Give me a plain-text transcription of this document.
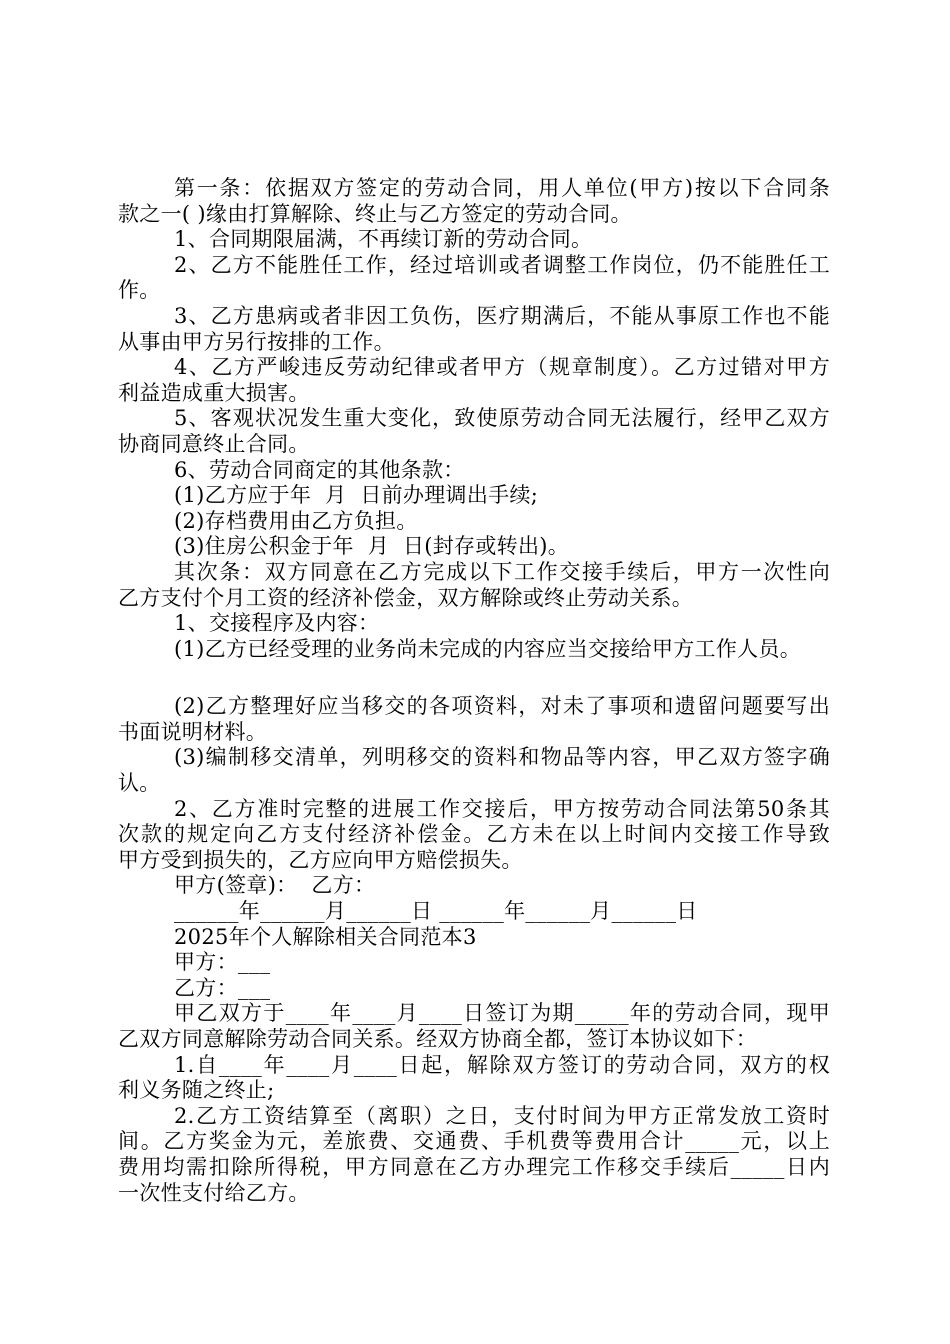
第一条：依据双方签定的劳动合同，用人单位(甲方)按以下合同条
款之一( )缘由打算解除、终止与乙方签定的劳动合同。
1、合同期限届满，不再续订新的劳动合同。
2、乙方不能胜任工作，经过培训或者调整工作岗位，仍不能胜任工
作。
3、乙方患病或者非因工负伤，医疗期满后，不能从事原工作也不能
从事由甲方另行按排的工作。
4、乙方严峻违反劳动纪律或者甲方（规章制度）。乙方过错对甲方
利益造成重大损害。
5、客观状况发生重大变化，致使原劳动合同无法履行，经甲乙双方
协商同意终止合同。
6、劳动合同商定的其他条款：
(1)乙方应于年  月  日前办理调出手续;
(2)存档费用由乙方负担。
(3)住房公积金于年  月  日(封存或转出)。
其次条：双方同意在乙方完成以下工作交接手续后，甲方一次性向
乙方支付个月工资的经济补偿金，双方解除或终止劳动关系。
1、交接程序及内容：
(1)乙方已经受理的业务尚未完成的内容应当交接给甲方工作人员。
(2)乙方整理好应当移交的各项资料，对未了事项和遗留问题要写出
书面说明材料。
(3)编制移交清单，列明移交的资料和物品等内容，甲乙双方签字确
认。
2、乙方准时完整的进展工作交接后，甲方按劳动合同法第50条其
次款的规定向乙方支付经济补偿金。乙方未在以上时间内交接工作导致
甲方受到损失的，乙方应向甲方赔偿损失。
甲方(签章)：  乙方：
______年______月______日 ______年______月______日
2025年个人解除相关合同范本3
甲方：___
乙方：___
甲乙双方于____年____月____日签订为期_____年的劳动合同，现甲
乙双方同意解除劳动合同关系。经双方协商全都，签订本协议如下：
1.自____年____月____日起，解除双方签订的劳动合同，双方的权
利义务随之终止;
2.乙方工资结算至（离职）之日，支付时间为甲方正常发放工资时
间。乙方奖金为元，差旅费、交通费、手机费等费用合计_____元，以上
费用均需扣除所得税，甲方同意在乙方办理完工作移交手续后_____日内
一次性支付给乙方。
